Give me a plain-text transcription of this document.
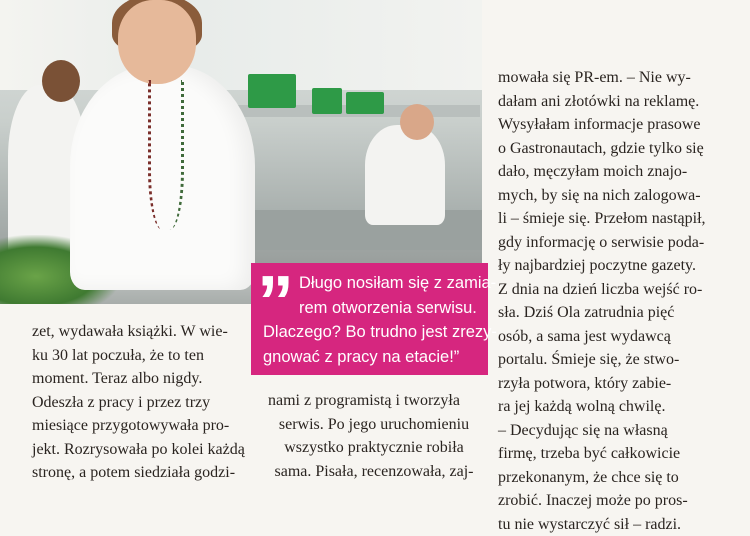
” Długo nosiłam się z zamia-
rem otworzenia serwisu.
Dlaczego? Bo trudno jest zrezy-
gnować z pracy na etacie!”
zet, wydawała książki. W wie-
ku 30 lat poczuła, że to ten
moment. Teraz albo nigdy.
Odeszła z pracy i przez trzy
miesiące przygotowywała pro-
jekt. Rozrysowała po kolei każdą
stronę, a potem siedziała godzi-
nami z programistą i tworzyła
serwis. Po jego uruchomieniu
wszystko praktycznie robiła
sama. Pisała, recenzowała, zaj-
mowała się PR-em. – Nie wy-
dałam ani złotówki na reklamę.
Wysyłałam informacje prasowe
o Gastronautach, gdzie tylko się
dało, męczyłam moich znajo-
mych, by się na nich zalogowa-
li – śmieje się. Przełom nastąpił,
gdy informację o serwisie poda-
ły najbardziej poczytne gazety.
Z dnia na dzień liczba wejść ro-
sła. Dziś Ola zatrudnia pięć
osób, a sama jest wydawcą
portalu. Śmieje się, że stwo-
rzyła potwora, który zabie-
ra jej każdą wolną chwilę.
– Decydując się na własną
firmę, trzeba być całkowicie
przekonanym, że chce się to
zrobić. Inaczej może po pros-
tu nie wystarczyć sił – radzi.
